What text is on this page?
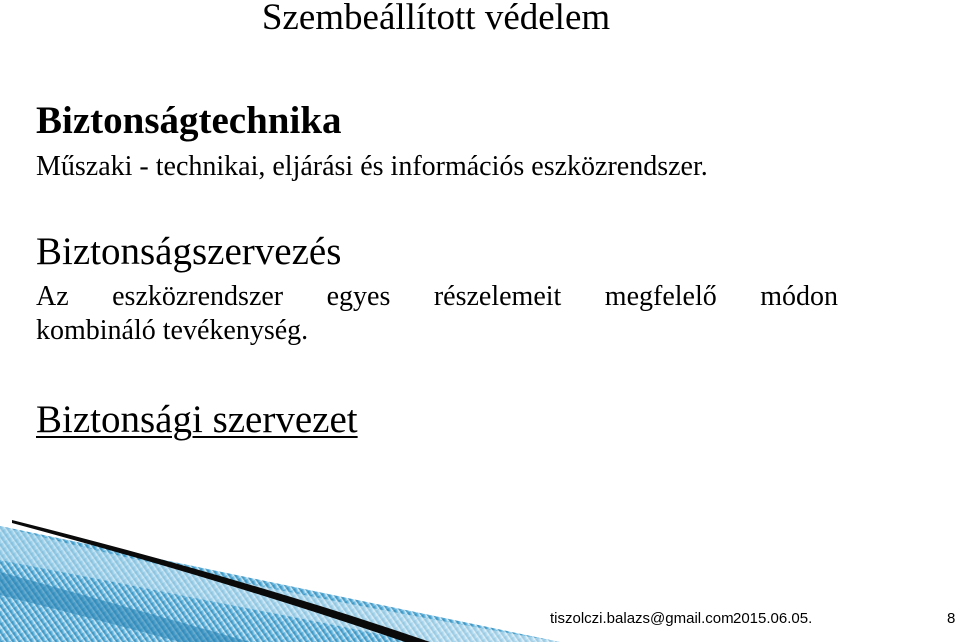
Szembeállított védelem
Biztonságtechnika
Műszaki - technikai, eljárási és információs eszközrendszer.
Biztonságszervezés
Az eszközrendszer egyes részelemeit megfelelő módon
kombináló tevékenység.
Biztonsági szervezet
tiszolczi.balazs@gmail.com 2015.06.05.	8
